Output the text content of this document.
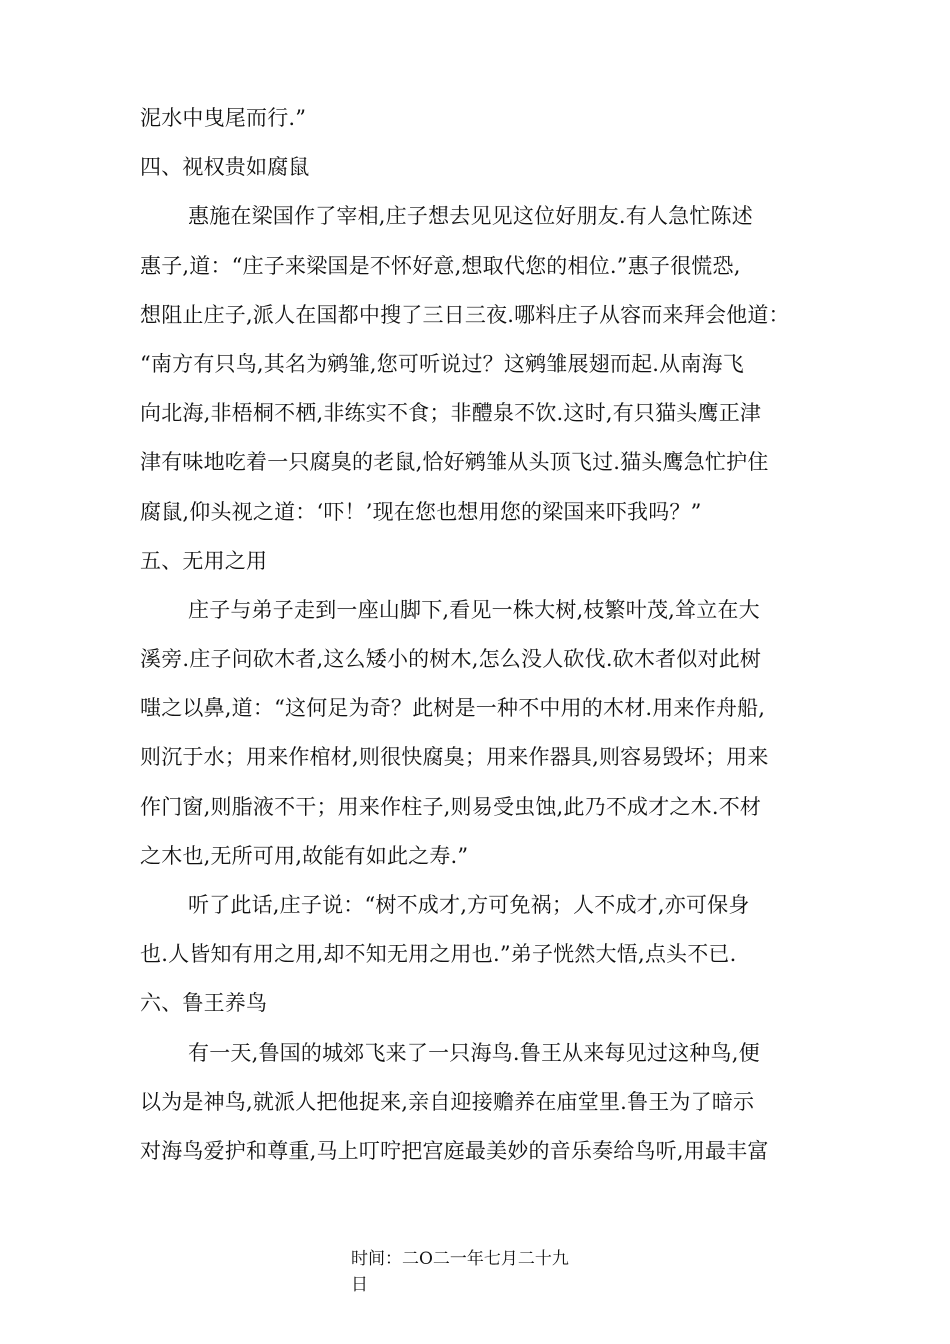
泥水中曳尾而行.”
四、视权贵如腐鼠
惠施在梁国作了宰相,庄子想去见见这位好朋友.有人急忙陈述
惠子,道：“庄子来梁国是不怀好意,想取代您的相位.”惠子很慌恐,
想阻止庄子,派人在国都中搜了三日三夜.哪料庄子从容而来拜会他道：
“南方有只鸟,其名为鹓雏,您可听说过？这鹓雏展翅而起.从南海飞
向北海,非梧桐不栖,非练实不食；非醴泉不饮.这时,有只猫头鹰正津
津有味地吃着一只腐臭的老鼠,恰好鹓雏从头顶飞过.猫头鹰急忙护住
腐鼠,仰头视之道：‘吓！’现在您也想用您的梁国来吓我吗？”
五、无用之用
庄子与弟子走到一座山脚下,看见一株大树,枝繁叶茂,耸立在大
溪旁.庄子问砍木者,这么矮小的树木,怎么没人砍伐.砍木者似对此树
嗤之以鼻,道：“这何足为奇？此树是一种不中用的木材.用来作舟船,
则沉于水；用来作棺材,则很快腐臭；用来作器具,则容易毁坏；用来
作门窗,则脂液不干；用来作柱子,则易受虫蚀,此乃不成才之木.不材
之木也,无所可用,故能有如此之寿.”
听了此话,庄子说：“树不成才,方可免祸；人不成才,亦可保身
也.人皆知有用之用,却不知无用之用也.”弟子恍然大悟,点头不已.
六、鲁王养鸟
有一天,鲁国的城郊飞来了一只海鸟.鲁王从来每见过这种鸟,便
以为是神鸟,就派人把他捉来,亲自迎接赡养在庙堂里.鲁王为了暗示
对海鸟爱护和尊重,马上叮咛把宫庭最美妙的音乐奏给鸟听,用最丰富
时间：二O二一年七月二十九
日
